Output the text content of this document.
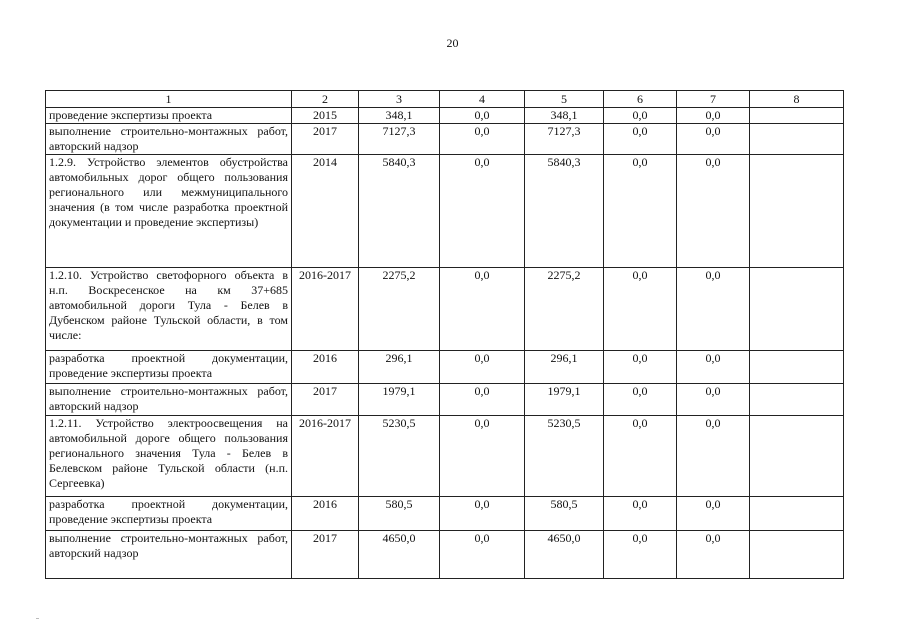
20
1	2	3	4	5	6	7	8
проведение экспертизы проекта	2015	348,1	0,0	348,1	0,0	0,0	
выполнение строительно-монтажных работ, авторский надзор	2017	7127,3	0,0	7127,3	0,0	0,0	
1.2.9. Устройство элементов обустройства автомобильных дорог общего пользования регионального или межмуниципального значения (в том числе разработка проектной документации и проведение экспертизы)	2014	5840,3	0,0	5840,3	0,0	0,0	
1.2.10. Устройство светофорного объекта в н.п. Воскресенское на км 37+685 автомобильной дороги Тула - Белев в Дубенском районе Тульской области, в том числе:	2016-2017	2275,2	0,0	2275,2	0,0	0,0	
разработка проектной документации, проведение экспертизы проекта	2016	296,1	0,0	296,1	0,0	0,0	
выполнение строительно-монтажных работ, авторский надзор	2017	1979,1	0,0	1979,1	0,0	0,0	
1.2.11. Устройство электроосвещения на автомобильной дороге общего пользования регионального значения Тула - Белев в Белевском районе Тульской области (н.п. Сергеевка)	2016-2017	5230,5	0,0	5230,5	0,0	0,0	
разработка проектной документации, проведение экспертизы проекта	2016	580,5	0,0	580,5	0,0	0,0	
выполнение строительно-монтажных работ, авторский надзор	2017	4650,0	0,0	4650,0	0,0	0,0	
